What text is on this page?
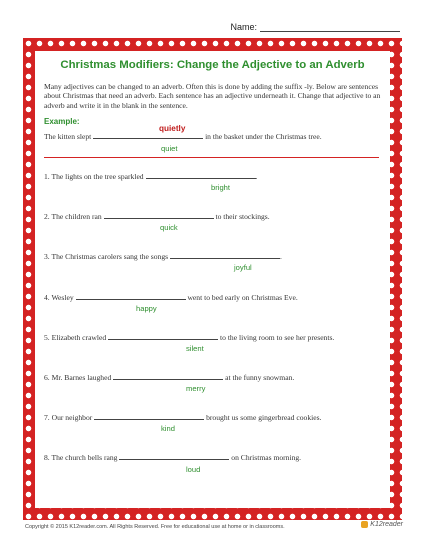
Name:
Christmas Modifiers: Change the Adjective to an Adverb
Many adjectives can be changed to an adverb. Often this is done by adding the suffix -ly. Below are sentences about Christmas that need an adverb. Each sentence has an adjective underneath it. Change that adjective to an adverb and write it in the blank in the sentence.
Example:
The kitten slept	in the basket under the Christmas tree.
quietly
quiet
1. The lights on the tree sparkled	.
bright
2. The children ran	to their stockings.
quick
3. The Christmas carolers sang the songs	.
joyful
4. Wesley	went to bed early on Christmas Eve.
happy
5. Elizabeth crawled	to the living room to see her presents.
silent
6. Mr. Barnes laughed	at the funny snowman.
merry
7. Our neighbor	brought us some gingerbread cookies.
kind
8. The church bells rang	on Christmas morning.
loud
Copyright © 2015 K12reader.com. All Rights Reserved. Free for educational use at home or in classrooms.	K12reader
